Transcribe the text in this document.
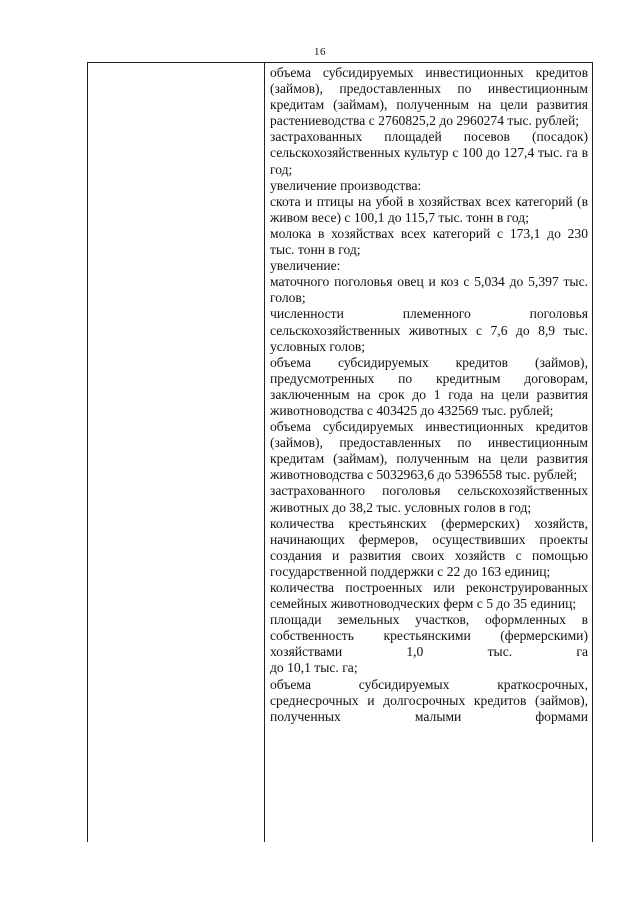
16

объема субсидируемых инвестиционных кредитов (займов), предоставленных по инвестиционным кредитам (займам), полученным на цели развития растениеводства с 2760825,2 до 2960274 тыс. рублей;

застрахованных площадей посевов (посадок) сельскохозяйственных культур с 100 до 127,4 тыс. га в год;

увеличение производства:

скота и птицы на убой в хозяйствах всех категорий (в живом весе) с 100,1 до 115,7 тыс. тонн в год;

молока в хозяйствах всех категорий с 173,1 до 230 тыс. тонн в год;

увеличение:

маточного поголовья овец и коз с 5,034 до 5,397 тыс. голов;

численности племенного поголовья сельскохозяйственных животных с 7,6 до 8,9 тыс. условных голов;

объема субсидируемых кредитов (займов), предусмотренных по кредитным договорам, заключенным на срок до 1 года на цели развития животноводства с 403425 до 432569 тыс. рублей;

объема субсидируемых инвестиционных кредитов (займов), предоставленных по инвестиционным кредитам (займам), полученным на цели развития животноводства с 5032963,6 до 5396558 тыс. рублей;

застрахованного поголовья сельскохозяйственных животных до 38,2 тыс. условных голов в год;

количества крестьянских (фермерских) хозяйств, начинающих фермеров, осуществивших проекты создания и развития своих хозяйств с помощью государственной поддержки с 22 до 163 единиц;

количества построенных или реконструированных семейных животноводческих ферм с 5 до 35 единиц;

площади земельных участков, оформленных в собственность крестьянскими (фермерскими) хозяйствами 1,0 тыс. га

до 10,1 тыс. га;

объема субсидируемых краткосрочных, среднесрочных и долгосрочных кредитов (займов), полученных малыми формами
